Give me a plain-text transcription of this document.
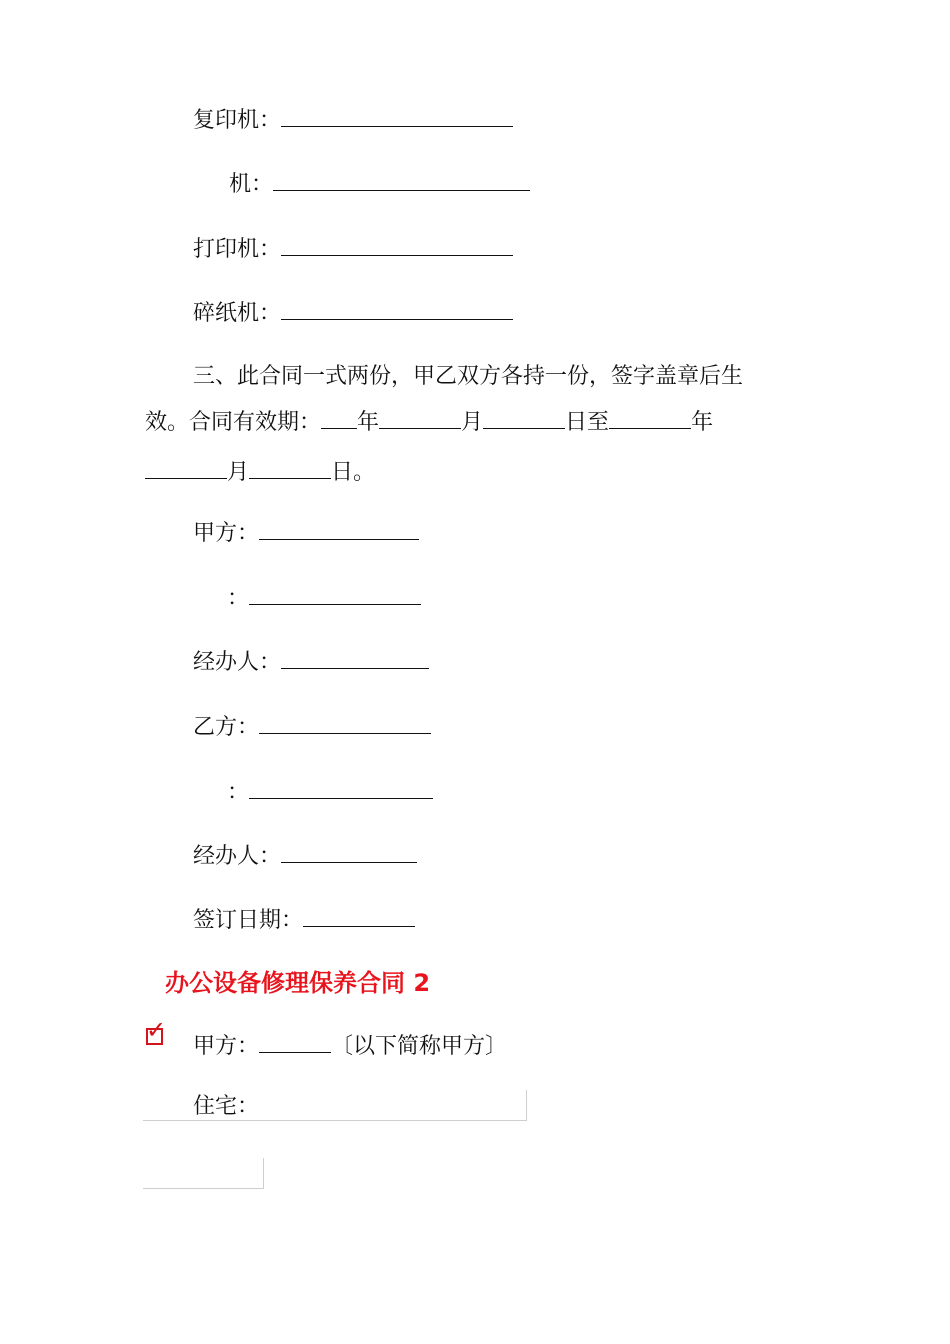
复印机：
机：
打印机：
碎纸机：
三、此合同一式两份，甲乙双方各持一份，签字盖章后生
效。合同有效期： 年	月	日至	年
月	日。
甲方：
：
经办人：
乙方：
：
经办人：
签订日期：
办公设备修理保养合同 2
✓
甲方：	〔以下简称甲方〕
住宅：
